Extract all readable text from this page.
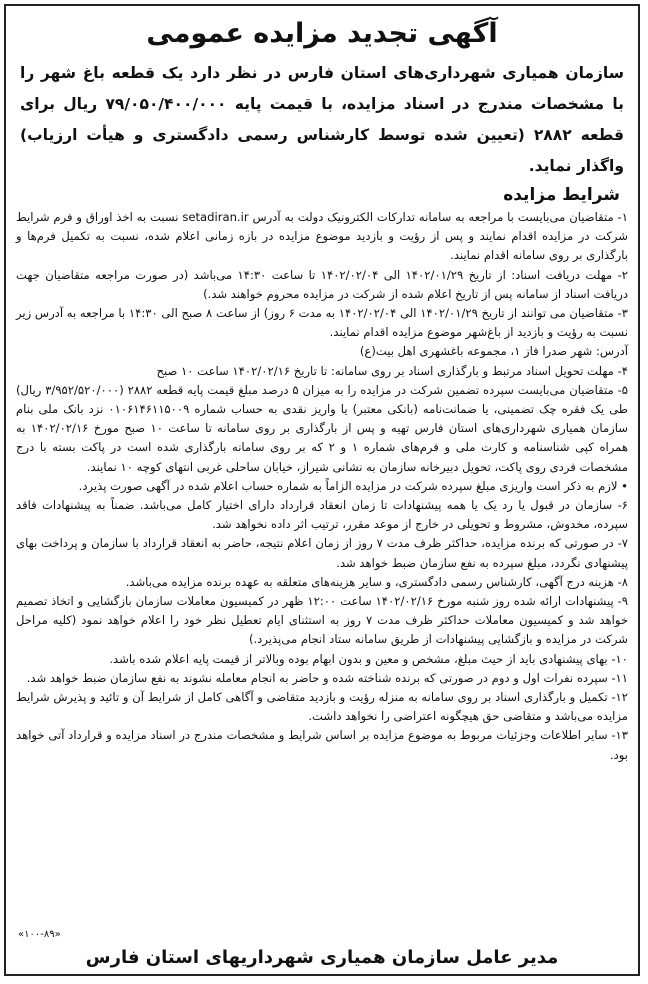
آگهی تجدید مزایده عمومی

سازمان همیاری شهرداری‌های استان فارس در نظر دارد یک قطعه باغ شهر را با مشخصات مندرج در اسناد مزایده، با قیمت پایه ۷۹/۰۵۰/۴۰۰/۰۰۰ ریال برای قطعه ۲۸۸۲ (تعیین شده توسط کارشناس رسمی دادگستری و هیأت ارزیاب) واگذار نماید.

شرایط مزایده

۱- متقاضیان می‌بایست با مراجعه به سامانه تدارکات الکترونیک دولت به آدرس setadiran.ir نسبت به اخذ اوراق و فرم شرایط شرکت در مزایده اقدام نمایند و پس از رؤیت و بازدید موضوع مزایده در بازه زمانی اعلام شده، نسبت به تکمیل فرم‌ها و بارگذاری بر روی سامانه اقدام نمایند.

۲- مهلت دریافت اسناد: از تاریخ ۱۴۰۲/۰۱/۲۹ الی ۱۴۰۲/۰۲/۰۴ تا ساعت ۱۴:۳۰ می‌باشد (در صورت مراجعه متقاضیان جهت دریافت اسناد از سامانه پس از تاریخ اعلام شده از شرکت در مزایده محروم خواهند شد.)

۳- متقاضیان می توانند از تاریخ ۱۴۰۲/۰۱/۲۹ الی ۱۴۰۲/۰۲/۰۴ به مدت ۶ روز) از ساعت ۸ صبح الی ۱۴:۳۰ با مراجعه به آدرس زیر نسبت به رؤیت و بازدید از باغ‌شهر موضوع مزایده اقدام نمایند.

آدرس: شهر صدرا فاز ۱، مجموعه باغشهری اهل بیت(ع)

۴- مهلت تحویل اسناد مرتبط و بارگذاری اسناد بر روی سامانه: تا تاریخ ۱۴۰۲/۰۲/۱۶ ساعت ۱۰ صبح

۵- متقاضیان می‌بایست سپرده تضمین شرکت در مزایده را به میزان ۵ درصد مبلغ قیمت پایه قطعه ۲۸۸۲ (۳/۹۵۲/۵۲۰/۰۰۰ ریال) طی یک فقره چک تضمینی، یا ضمانت‌نامه (بانکی معتبر) یا واریز نقدی به حساب شماره ۰۱۰۶۱۴۶۱۱۵۰۰۹ نزد بانک ملی بنام سازمان همیاری شهرداری‌های استان فارس تهیه و پس از بارگذاری بر روی سامانه تا ساعت ۱۰ صبح مورخ ۱۴۰۲/۰۲/۱۶ به همراه کپی شناسنامه و کارت ملی و فرم‌های شماره ۱ و ۲ که بر روی سامانه بارگذاری شده است در پاکت بسته با درج مشخصات فردی روی پاکت، تحویل دبیرخانه سازمان به نشانی شیراز، خیابان ساحلی غربی انتهای کوچه ۱۰ نمایند.

• لازم به ذکر است واریزی مبلغ سپرده شرکت در مزایده الزاماً به شماره حساب اعلام شده در آگهی صورت پذیرد.

۶- سازمان در قبول یا رد یک یا همه پیشنهادات تا زمان انعقاد قرارداد دارای اختیار کامل می‌باشد. ضمناً به پیشنهادات فاقد سپرده، مخدوش، مشروط و تحویلی در خارج از موعد مقرر، ترتیب اثر داده نخواهد شد.

۷- در صورتی که برنده مزایده، حداکثر ظرف مدت ۷ روز از زمان اعلام نتیجه، حاضر به انعقاد قرارداد با سازمان و پرداخت بهای پیشنهادی نگردد، مبلغ سپرده به نفع سازمان ضبط خواهد شد.

۸- هزینه درج آگهی، کارشناس رسمی دادگستری، و سایر هزینه‌های متعلقه به عهده برنده مزایده می‌باشد.

۹- پیشنهادات ارائه شده روز شنبه مورخ ۱۴۰۲/۰۲/۱۶ ساعت ۱۲:۰۰ ظهر در کمیسیون معاملات سازمان بازگشایی و اتخاذ تصمیم خواهد شد و کمیسیون معاملات حداکثر ظرف مدت ۷ روز به استثنای ایام تعطیل نظر خود را اعلام خواهد نمود (کلیه مراحل شرکت در مزایده و بازگشایی پیشنهادات از طریق سامانه ستاد انجام می‌پذیرد.)

۱۰- بهای پیشنهادی باید از حیث مبلغ، مشخص و معین و بدون ابهام بوده وبالاتر از قیمت پایه اعلام شده باشد.

۱۱- سپرده نفرات اول و دوم در صورتی که برنده شناخته شده و حاضر به انجام معامله نشوند به نفع سازمان ضبط خواهد شد.

۱۲- تکمیل و بارگذاری اسناد بر روی سامانه به منزله رؤیت و بازدید متقاضی و آگاهی کامل از شرایط آن و تائید و پذیرش شرایط مزایده می‌باشد و متقاضی حق هیچگونه اعتراضی را نخواهد داشت.

۱۳- سایر اطلاعات وجزئیات مربوط به موضوع مزایده بر اساس شرایط و مشخصات مندرج در اسناد مزایده و قرارداد آتی خواهد بود.

«۱۰۰-۸۹»
مدیر عامل سازمان همیاری شهرداریهای استان فارس
